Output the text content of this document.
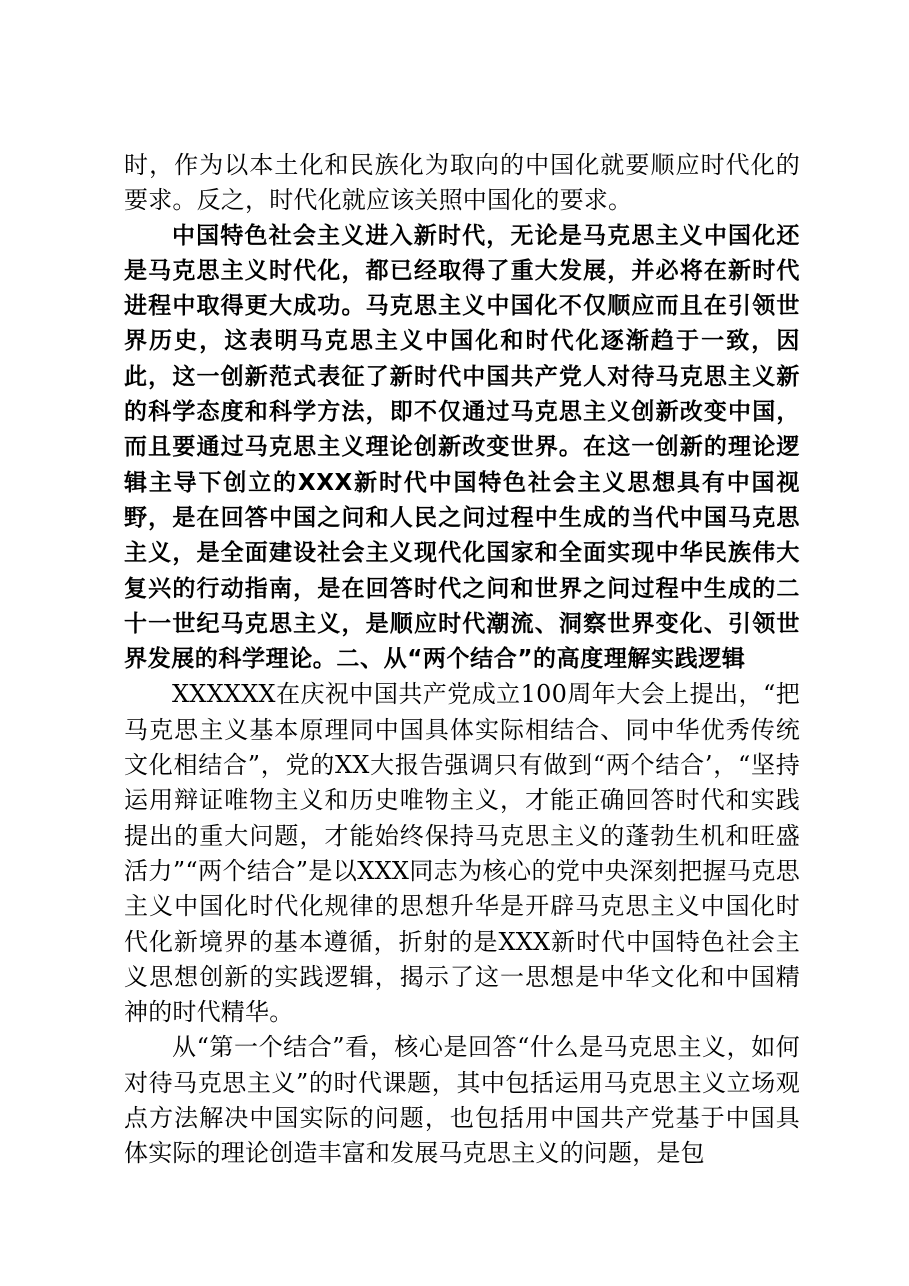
时，作为以本土化和民族化为取向的中国化就要顺应时代化的要求。反之，时代化就应该关照中国化的要求。

中国特色社会主义进入新时代，无论是马克思主义中国化还是马克思主义时代化，都已经取得了重大发展，并必将在新时代进程中取得更大成功。马克思主义中国化不仅顺应而且在引领世界历史，这表明马克思主义中国化和时代化逐渐趋于一致，因此，这一创新范式表征了新时代中国共产党人对待马克思主义新的科学态度和科学方法，即不仅通过马克思主义创新改变中国，而且要通过马克思主义理论创新改变世界。在这一创新的理论逻辑主导下创立的XXX新时代中国特色社会主义思想具有中国视野，是在回答中国之问和人民之问过程中生成的当代中国马克思主义，是全面建设社会主义现代化国家和全面实现中华民族伟大复兴的行动指南，是在回答时代之问和世界之问过程中生成的二十一世纪马克思主义，是顺应时代潮流、洞察世界变化、引领世界发展的科学理论。二、从“两个结合”的高度理解实践逻辑

XXXXXX在庆祝中国共产党成立100周年大会上提出，“把马克思主义基本原理同中国具体实际相结合、同中华优秀传统文化相结合”，党的XX大报告强调只有做到“两个结合’，“坚持运用辩证唯物主义和历史唯物主义，才能正确回答时代和实践提出的重大问题，才能始终保持马克思主义的蓬勃生机和旺盛活力”“两个结合”是以XXX同志为核心的党中央深刻把握马克思主义中国化时代化规律的思想升华是开辟马克思主义中国化时代化新境界的基本遵循，折射的是XXX新时代中国特色社会主义思想创新的实践逻辑，揭示了这一思想是中华文化和中国精神的时代精华。

从“第一个结合”看，核心是回答“什么是马克思主义，如何对待马克思主义”的时代课题，其中包括运用马克思主义立场观点方法解决中国实际的问题，也包括用中国共产党基于中国具体实际的理论创造丰富和发展马克思主义的问题，是包
